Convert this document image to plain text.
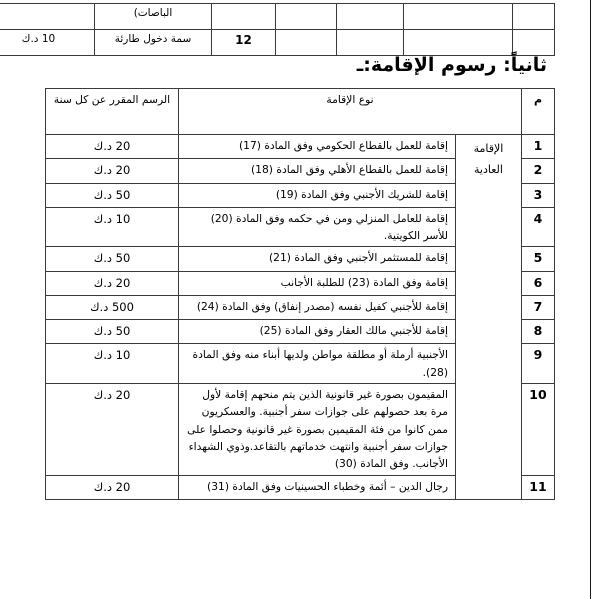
					الباصات)	
				12	سمة دخول طارئة	10 د.ك
ثانياً: رسوم الإقامة:ـ
م	نوع الإقامة		الرسم المقرر عن كل سنة
1	الإقامة العادية	إقامة للعمل بالقطاع الحكومي وفق المادة (17)	20 د.ك
2		إقامة للعمل بالقطاع الأهلي وفق المادة (18)	20 د.ك
3		إقامة للشريك الأجنبي وفق المادة (19)	50 د.ك
4		إقامة للعامل المنزلي ومن في حكمه وفق المادة (20) للأسر الكويتية.	10 د.ك
5		إقامة للمستثمر الأجنبي وفق المادة (21)	50 د.ك
6		إقامة وفق المادة (23) للطلبة الأجانب	20 د.ك
7		إقامة للأجنبي كفيل نفسه (مصدر إنفاق) وفق المادة (24)	500 د.ك
8		إقامة للأجنبي مالك العقار وفق المادة (25)	50 د.ك
9		الأجنبية أرملة أو مطلقة مواطن ولديها أبناء منه وفق المادة (28).	10 د.ك
10		المقيمون بصورة غير قانونية الذين يتم منحهم إقامة لأول مرة بعد حصولهم على جوازات سفر أجنبية. والعسكريون ممن كانوا من فئة المقيمين بصورة غير قانونية وحصلوا على جوازات سفر أجنبية وانتهت خدماتهم بالتقاعد.وذوي الشهداء الأجانب. وفق المادة (30)	20 د.ك
11		رجال الدين – أئمة وخطباء الحسينيات وفق المادة (31)	20 د.ك
